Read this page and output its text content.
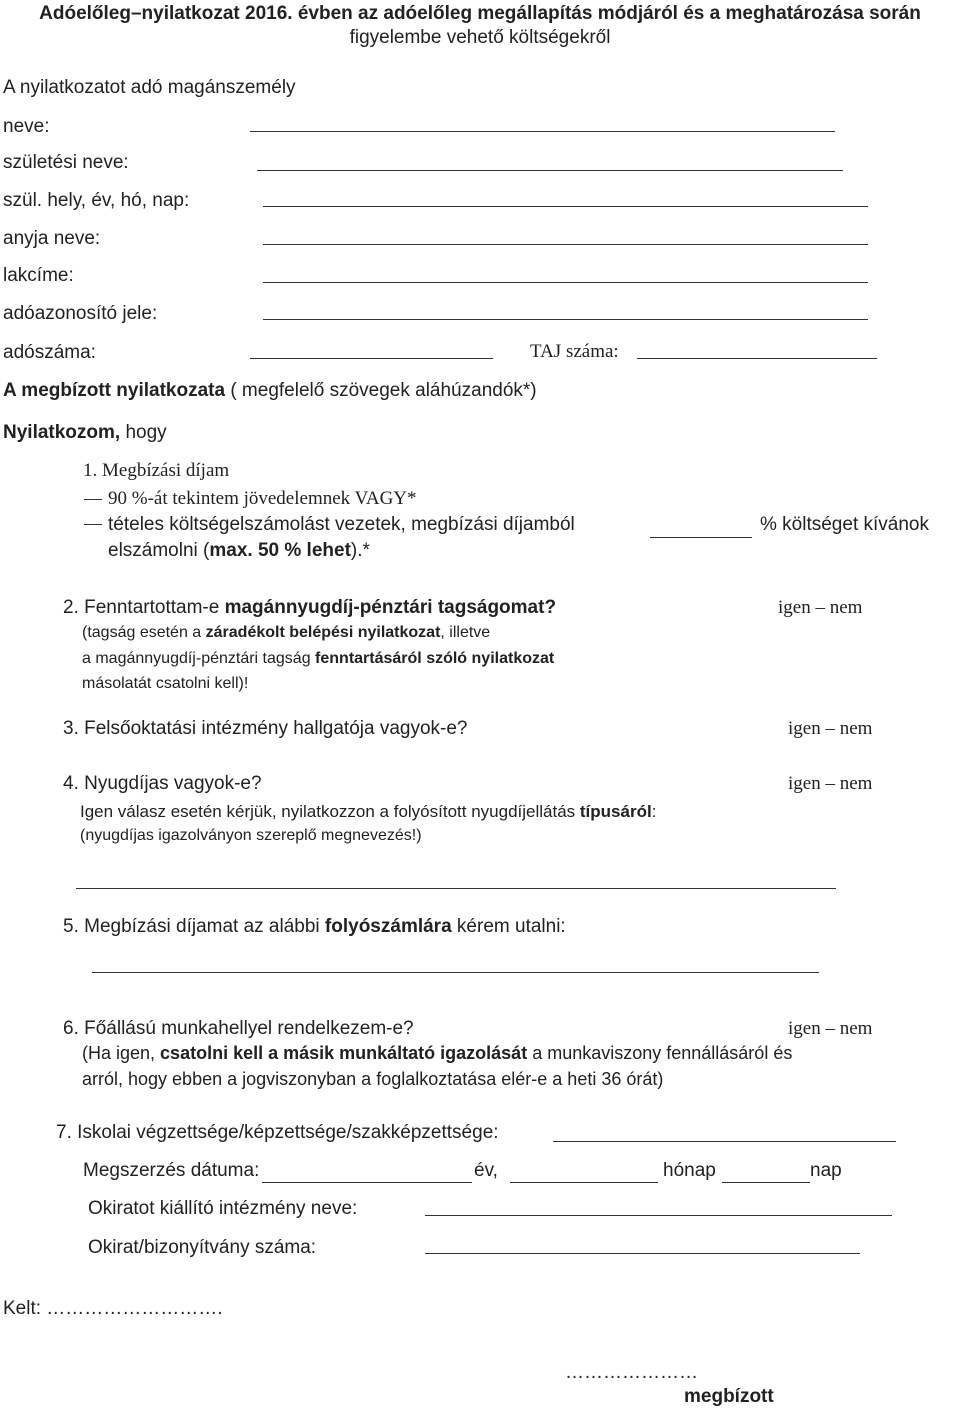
Adóelőleg–nyilatkozat 2016. évben az adóelőleg megállapítás módjáról és a meghatározása során
figyelembe vehető költségekről
A nyilatkozatot adó magánszemély
neve:
születési neve:
szül. hely, év, hó, nap:
anyja neve:
lakcíme:
adóazonosító jele:
adószáma:	TAJ száma:
A megbízott nyilatkozata ( megfelelő szövegek aláhúzandók*)
Nyilatkozom, hogy
1. Megbízási díjam
90 %-át tekintem jövedelemnek VAGY*
tételes költségelszámolást vezetek, megbízási díjamból	% költséget kívánok
elszámolni (max. 50 % lehet).*
2. Fenntartottam-e magánnyugdíj-pénztári tagságomat?	igen – nem
(tagság esetén a záradékolt belépési nyilatkozat, illetve
a magánnyugdíj-pénztári tagság fenntartásáról szóló nyilatkozat
másolatát csatolni kell)!
3. Felsőoktatási intézmény hallgatója vagyok-e?	igen – nem
4. Nyugdíjas vagyok-e?	igen – nem
Igen válasz esetén kérjük, nyilatkozzon a folyósított nyugdíjellátás típusáról:
(nyugdíjas igazolványon szereplő megnevezés!)
5. Megbízási díjamat az alábbi folyószámlára kérem utalni:
6. Főállású munkahellyel rendelkezem-e?	igen – nem
(Ha igen, csatolni kell a másik munkáltató igazolását a munkaviszony fennállásáról és
arról, hogy ebben a jogviszonyban a foglalkoztatása elér-e a heti 36 órát)
7. Iskolai végzettsége/képzettsége/szakképzettsége:
Megszerzés dátuma:	év,	hónap	nap
Okiratot kiállító intézmény neve:
Okirat/bizonyítvány száma:
Kelt: ……………………….
…………………
megbízott
